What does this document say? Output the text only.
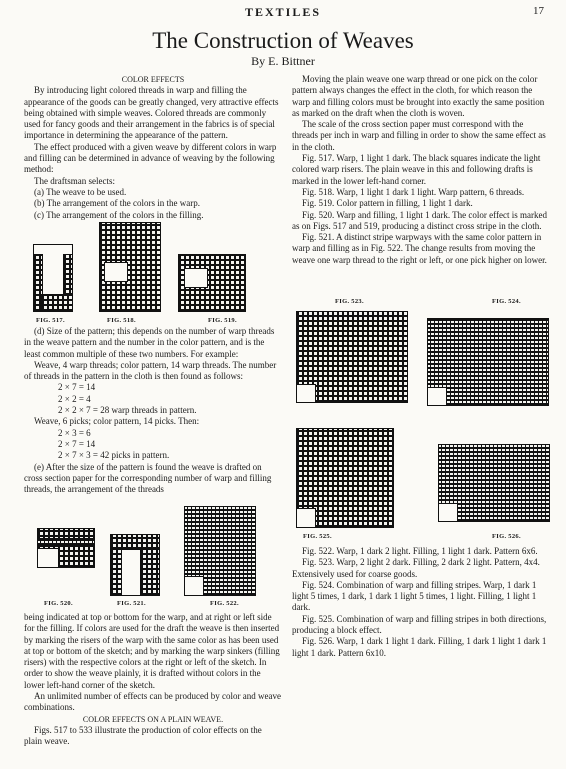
TEXTILES	17
The Construction of Weaves
By E. Bittner

COLOR EFFECTS

By introducing light colored threads in warp and filling the appearance of the goods can be greatly changed, very attractive effects being obtained with simple weaves. Colored threads are commonly used for fancy goods and their arrangement in the fabrics is of special importance in determining the appearance of the pattern.

The effect produced with a given weave by different colors in warp and filling can be determined in advance of weaving by the following method:

The draftsman selects:

(a) The weave to be used.

(b) The arrangement of the colors in the warp.

(c) The arrangement of the colors in the filling.

FIG. 517.	FIG. 518.	FIG. 519.

(d) Size of the pattern; this depends on the number of warp threads in the weave pattern and the number in the color pattern, and is the least common multiple of these two numbers. For example:

Weave, 4 warp threads; color pattern, 14 warp threads. The number of threads in the pattern in the cloth is then found as follows:

2 × 7 = 14

2 × 2 = 4

2 × 2 × 7 = 28 warp threads in pattern.

Weave, 6 picks; color pattern, 14 picks. Then:

2 × 3 = 6

2 × 7 = 14

2 × 7 × 3 = 42 picks in pattern.

(e) After the size of the pattern is found the weave is drafted on cross section paper for the corresponding number of warp and filling threads, the arrangement of the threads

FIG. 520.	FIG. 521.	FIG. 522.

being indicated at top or bottom for the warp, and at right or left side for the filling. If colors are used for the draft the weave is then inserted by marking the risers of the warp with the same color as has been used at top or bottom of the sketch; and by marking the warp sinkers (filling risers) with the respective colors at the right or left of the sketch. In order to show the weave plainly, it is drafted without colors in the lower left-hand corner of the sketch.

An unlimited number of effects can be produced by color and weave combinations.

COLOR EFFECTS ON A PLAIN WEAVE.

Figs. 517 to 533 illustrate the production of color effects on the plain weave.

Moving the plain weave one warp thread or one pick on the color pattern always changes the effect in the cloth, for which reason the warp and filling colors must be brought into exactly the same position as marked on the draft when the cloth is woven.

The scale of the cross section paper must correspond with the threads per inch in warp and filling in order to show the same effect as in the cloth.

Fig. 517. Warp, 1 light 1 dark. The black squares indicate the light colored warp risers. The plain weave in this and following drafts is marked in the lower left-hand corner.

Fig. 518. Warp, 1 light 1 dark 1 light. Warp pattern, 6 threads.

Fig. 519. Color pattern in filling, 1 light 1 dark.

Fig. 520. Warp and filling, 1 light 1 dark. The color effect is marked as on Figs. 517 and 519, producing a distinct cross stripe in the cloth.

Fig. 521. A distinct stripe warpways with the same color pattern in warp and filling as in Fig. 522. The change results from moving the weave one warp thread to the right or left, or one pick higher on lower.

FIG. 523.	FIG. 524.
FIG. 525.	FIG. 526.

Fig. 522. Warp, 1 dark 2 light. Filling, 1 light 1 dark. Pattern 6x6.

Fig. 523. Warp, 2 light 2 dark. Filling, 2 dark 2 light. Pattern, 4x4. Extensively used for coarse goods.

Fig. 524. Combination of warp and filling stripes. Warp, 1 dark 1 light 5 times, 1 dark, 1 dark 1 light 5 times, 1 light. Filling, 1 light 1 dark.

Fig. 525. Combination of warp and filling stripes in both directions, producing a block effect.

Fig. 526. Warp, 1 dark 1 light 1 dark. Filling, 1 dark 1 light 1 dark 1 light 1 dark. Pattern 6x10.
